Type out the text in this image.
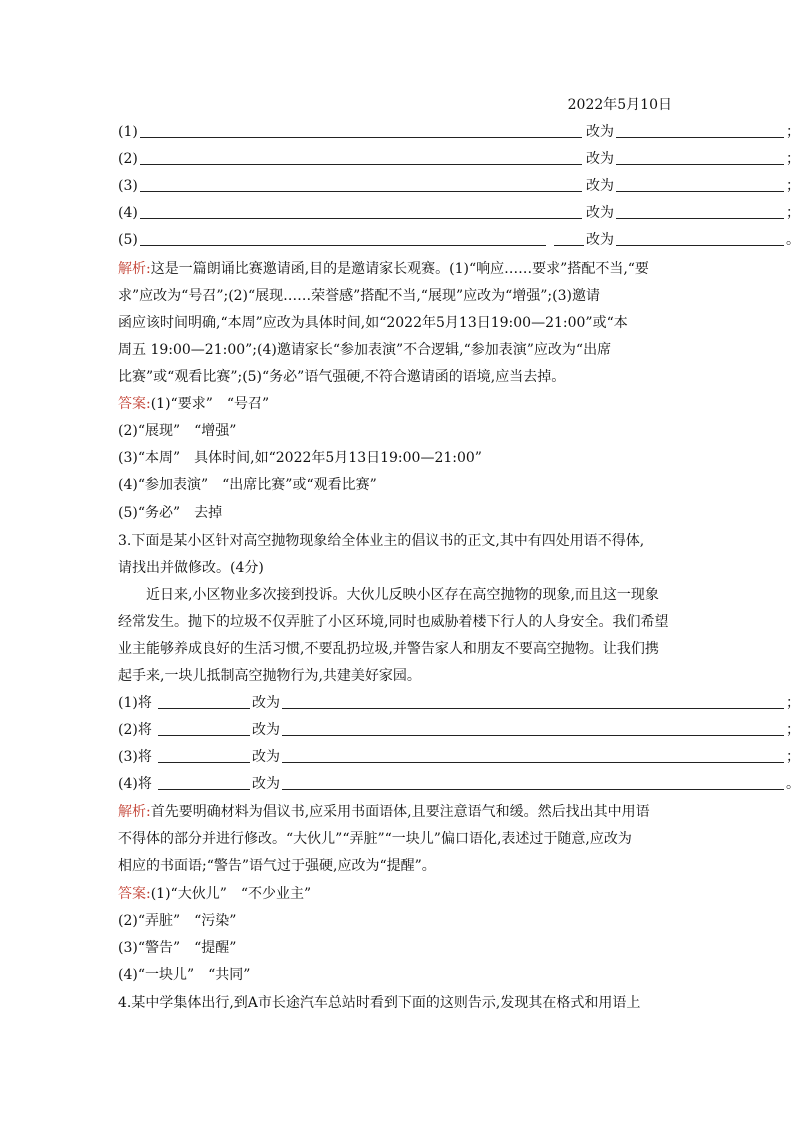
2022年5月10日
(1)	改为	；
(2)	改为	；
(3)	改为	；
(4)	改为	；
(5)	改为	。
解析:这是一篇朗诵比赛邀请函,目的是邀请家长观赛。(1)“响应……要求”搭配不当,“要
求”应改为“号召”;(2)“展现……荣誉感”搭配不当,“展现”应改为“增强”;(3)邀请
函应该时间明确,“本周”应改为具体时间,如“2022年5月13日19:00—21:00”或“本
周五 19:00—21:00”;(4)邀请家长“参加表演”不合逻辑,“参加表演”应改为“出席
比赛”或“观看比赛”;(5)“务必”语气强硬,不符合邀请函的语境,应当去掉。
答案:(1)“要求”　“号召”
(2)“展现”　“增强”
(3)“本周”　具体时间,如“2022年5月13日19:00—21:00”
(4)“参加表演”　“出席比赛”或“观看比赛”
(5)“务必”　去掉
3.下面是某小区针对高空抛物现象给全体业主的倡议书的正文,其中有四处用语不得体,
请找出并做修改。(4分)
近日来,小区物业多次接到投诉。大伙儿反映小区存在高空抛物的现象,而且这一现象
经常发生。抛下的垃圾不仅弄脏了小区环境,同时也威胁着楼下行人的人身安全。我们希望
业主能够养成良好的生活习惯,不要乱扔垃圾,并警告家人和朋友不要高空抛物。让我们携
起手来,一块儿抵制高空抛物行为,共建美好家园。
(1)将	改为	；
(2)将	改为	；
(3)将	改为	；
(4)将	改为	。
解析:首先要明确材料为倡议书,应采用书面语体,且要注意语气和缓。然后找出其中用语
不得体的部分并进行修改。“大伙儿”“弄脏”“一块儿”偏口语化,表述过于随意,应改为
相应的书面语;“警告”语气过于强硬,应改为“提醒”。
答案:(1)“大伙儿”　“不少业主”
(2)“弄脏”　“污染”
(3)“警告”　“提醒”
(4)“一块儿”　“共同”
4.某中学集体出行,到A市长途汽车总站时看到下面的这则告示,发现其在格式和用语上
